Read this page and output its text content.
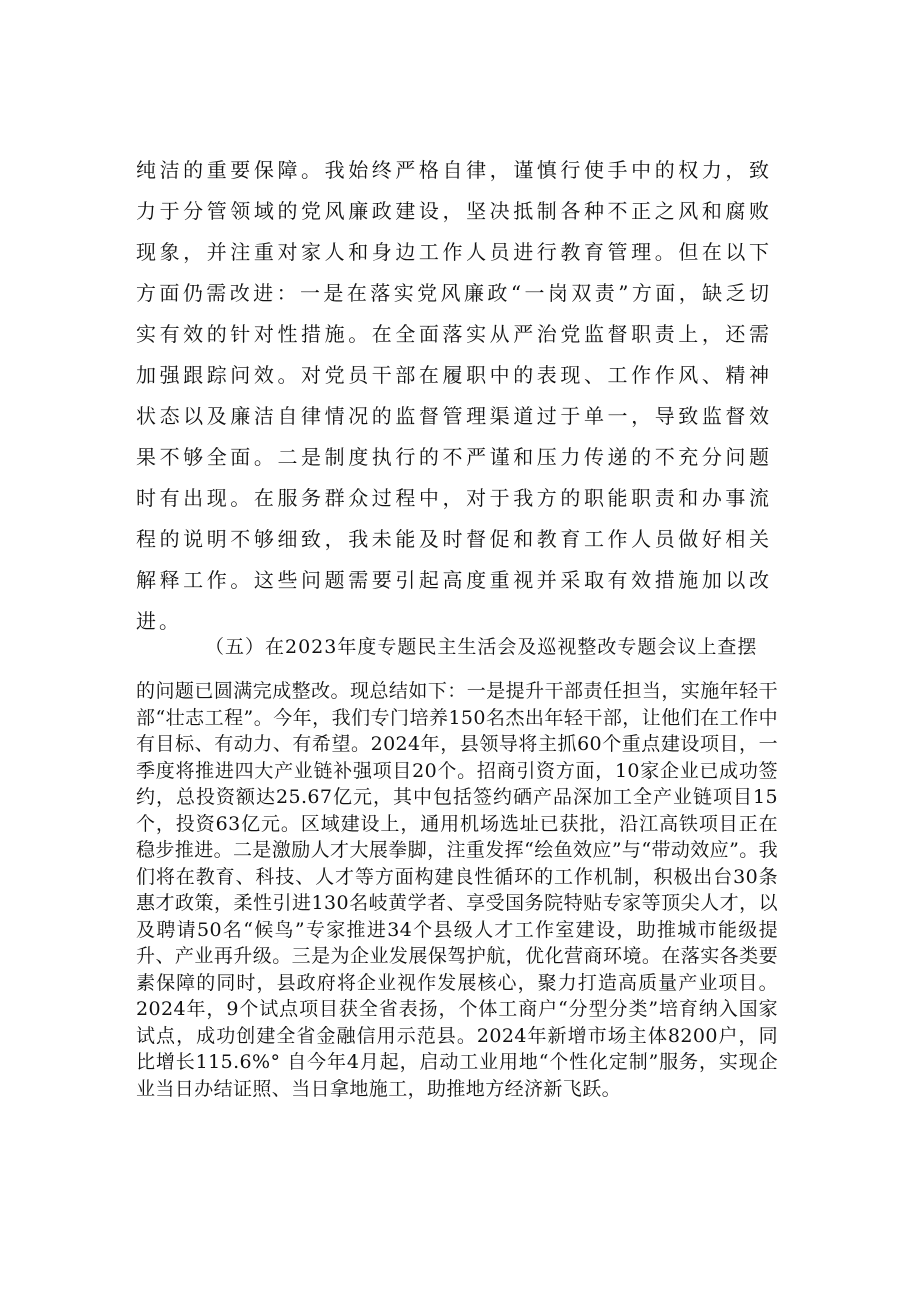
纯洁的重要保障。我始终严格自律，谨慎行使手中的权力，致力于分管领域的党风廉政建设，坚决抵制各种不正之风和腐败现象，并注重对家人和身边工作人员进行教育管理。但在以下方面仍需改进：一是在落实党风廉政“一岗双责”方面，缺乏切实有效的针对性措施。在全面落实从严治党监督职责上，还需加强跟踪问效。对党员干部在履职中的表现、工作作风、精神状态以及廉洁自律情况的监督管理渠道过于单一，导致监督效果不够全面。二是制度执行的不严谨和压力传递的不充分问题时有出现。在服务群众过程中，对于我方的职能职责和办事流程的说明不够细致，我未能及时督促和教育工作人员做好相关解释工作。这些问题需要引起高度重视并采取有效措施加以改进。

（五）在2023年度专题民主生活会及巡视整改专题会议上查摆

的问题已圆满完成整改。现总结如下：一是提升干部责任担当，实施年轻干部“壮志工程”。今年，我们专门培养150名杰出年轻干部，让他们在工作中有目标、有动力、有希望。2024年，县领导将主抓60个重点建设项目，一季度将推进四大产业链补强项目20个。招商引资方面，10家企业已成功签约，总投资额达25.67亿元，其中包括签约硒产品深加工全产业链项目15个，投资63亿元。区域建设上，通用机场选址已获批，沿江高铁项目正在稳步推进。二是激励人才大展拳脚，注重发挥“绘鱼效应”与“带动效应”。我们将在教育、科技、人才等方面构建良性循环的工作机制，积极出台30条惠才政策，柔性引进130名岐黄学者、享受国务院特贴专家等顶尖人才，以及聘请50名“候鸟”专家推进34个县级人才工作室建设，助推城市能级提升、产业再升级。三是为企业发展保驾护航，优化营商环境。在落实各类要素保障的同时，县政府将企业视作发展核心，聚力打造高质量产业项目。2024年，9个试点项目获全省表扬，个体工商户“分型分类”培育纳入国家试点，成功创建全省金融信用示范县。2024年新增市场主体8200户，同比增长115.6%° 自今年4月起，启动工业用地“个性化定制”服务，实现企业当日办结证照、当日拿地施工，助推地方经济新飞跃。
